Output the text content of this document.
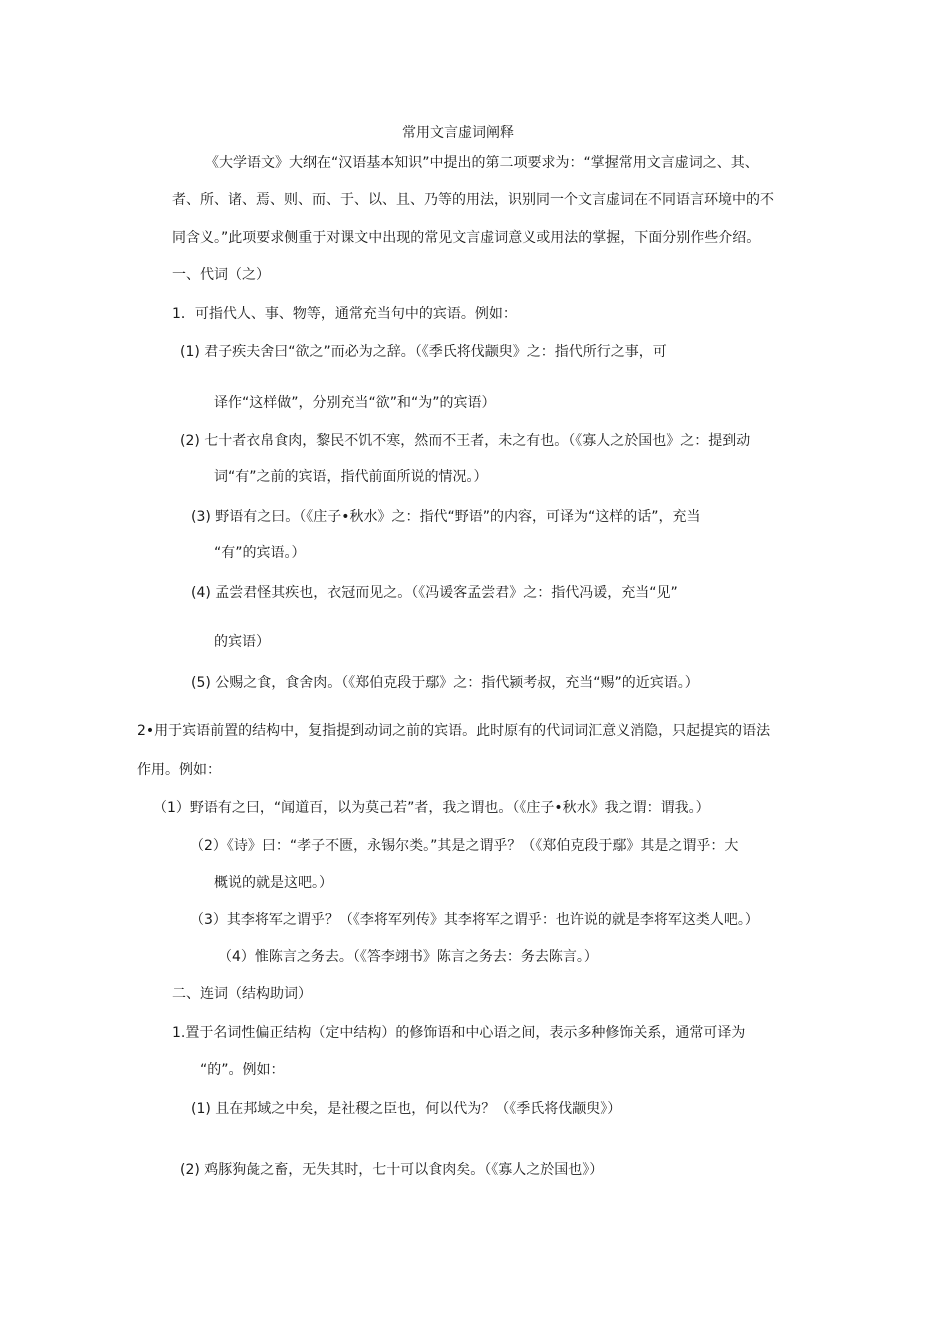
常用文言虚词阐释
《大学语文》大纲在“汉语基本知识”中提出的第二项要求为：“掌握常用文言虚词之、其、
者、所、诸、焉、则、而、于、以、且、乃等的用法，识别同一个文言虚词在不同语言环境中的不
同含义。”此项要求侧重于对课文中出现的常见文言虚词意义或用法的掌握，下面分别作些介绍。
一、代词（之）
1．可指代人、事、物等，通常充当句中的宾语。例如：
(1) 君子疾夫舍曰“欲之”而必为之辞。（《季氏将伐颛臾》之：指代所行之事，可
译作“这样做”，分别充当“欲”和“为”的宾语）
(2) 七十者衣帛食肉，黎民不饥不寒，然而不王者，未之有也。（《寡人之於国也》之：提到动
词“有”之前的宾语，指代前面所说的情况。）
(3) 野语有之曰。（《庄子•秋水》之：指代“野语”的内容，可译为“这样的话”，充当
“有”的宾语。）
(4) 孟尝君怪其疾也，衣冠而见之。（《冯谖客孟尝君》之：指代冯谖，充当“见”
的宾语）
(5) 公赐之食，食舍肉。（《郑伯克段于鄢》之：指代颍考叔，充当“赐”的近宾语。）
2•用于宾语前置的结构中，复指提到动词之前的宾语。此时原有的代词词汇意义消隐，只起提宾的语法
作用。例如：
（1）野语有之曰，“闻道百，以为莫己若”者，我之谓也。（《庄子•秋水》我之谓：谓我。）
（2）《诗》曰：“孝子不匮，永锡尔类。”其是之谓乎？（《郑伯克段于鄢》其是之谓乎：大
概说的就是这吧。）
（3）其李将军之谓乎？（《李将军列传》其李将军之谓乎：也许说的就是李将军这类人吧。）
（4）惟陈言之务去。（《答李翊书》陈言之务去：务去陈言。）
二、连词（结构助词）
1.置于名词性偏正结构（定中结构）的修饰语和中心语之间，表示多种修饰关系，通常可译为
“的”。例如：
(1) 且在邦域之中矣，是社稷之臣也，何以代为？（《季氏将伐颛臾》）
(2) 鸡豚狗彘之畜，无失其时，七十可以食肉矣。（《寡人之於国也》）
